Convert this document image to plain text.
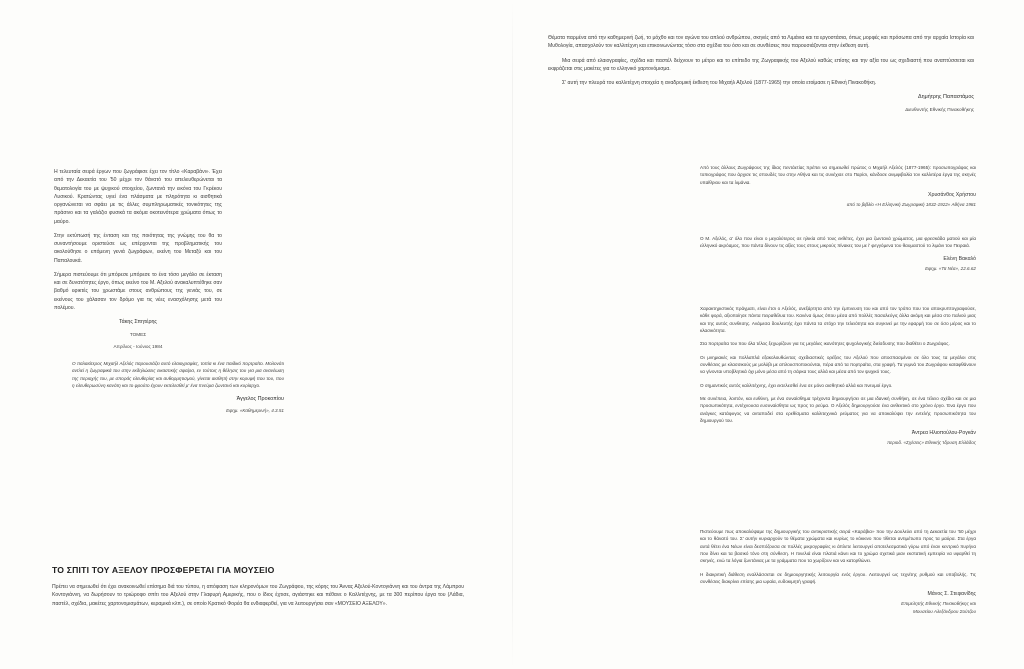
Η τελευταία σειρά έργων που ζωγράφισε έχει τον τίτλο «Καραβάνι». Έχει από την Δεκαετία του '50 μέχρι τον θάνατό του απελευθερώνεται τα θεματολογία του με ψυχικού στοιχείου, ζωντανά την εικόνα του Γκρέκου Λυσικού. Κρατώντας υγιεί ένα πλάσματα με πληρότητα κι αισθητικά οργανώνεται να σφάει με τις άλλες συμπληρωματικές τονικότητες της πράσινο και τα γαλάζιο φυσικά τα ακόμα οκοτεινότερα χρώματα όπως το μαύρο.

Στην εκτύπωσή της ένταση και της ποιότητας της γνώμης του θα το συναντήσουμε οριστεύσε ως επέρχονται της προβληματικής του ακολούθησε ο επόμενη γενιά ζωγράφων, εκείνη του Μεταξύ και του Παπαλουκά.

Σήμερα πιστεύουμε ότι μπόρεσε μπόρεσε το ένα τόσο μεγάλο σε έκταση και σε δυνατότητες έργο, όπως εκείνο του Μ. Αξελού ανακαλυπτέθηκε σαν βαθμό εφικτές του χρωστάμε στους ανθρώπους της γενιάς του, σε εκείνους του χάλασαν τον δρόμο για τις νέες ενασχόλησης μετά του πολέμου.

Τάκης Σπητέρης

ΤΟΜΕΣ

Απρίλιος - Ιούνιος 1984

Ο παλαιότερος Μιχαήλ Αξελός παρουσιάζει αυτό ελαιογραφίες, τοπία κι ένα παιδικό πορτραίτο. Μολονότι αντλεί η ζωγραφικά του στην εκδηλώσεις εικαστικής σφαίρα, εν τούτοις η θέλησις του για μια ανανέωση της περιοχής του, με σποράς ελευθερίας και αυθορμητισμού, γίνεται αισθητή στην κορυφή που του, που η ελευθερωσύνη κανότη και το φρούτο έχουν εκτελεσθεί μ' ένα πνεύμα ζωντανό και κυρίαρχο.

Άγγελος Προκοπίου

Εφημ. «Καθημερινή», 4.3.51

ΤΟ ΣΠΙΤΙ ΤΟΥ ΑΞΕΛΟΥ ΠΡΟΣΦΕΡΕΤΑΙ ΓΙΑ ΜΟΥΣΕΙΟ

Πρέπει να σημειωθεί ότι έχει ανακοινωθεί επίσημα διά του τύπου, η απόφαση των κληρονόμων του Ζωγράφου, της κόρης του Άννας Αξελού-Κοντογιάννη και του άντρα της Λάμπρου Κοντογιάννη, να δωρήσουν το τριώροφο σπίτι του Αξελού στην Γλαφυρή Αμερικής, που ο ίδιος έχτισε, αγιάστηκε και πέθανε ο Καλλιτέχνης, με τα 300 περίπου έργα του (Λάδια, παστέλ, σχέδια, μακέτες χαρτονομισμάτων, κεραμικά κλπ.), σε οποίο Κρατικό Φορέα θα ενδιαφερθεί, για να λειτουργήσει σαν «ΜΟΥΣΕΙΟ ΑΞΕΛΟΥ».

Θέματα παρμένα από την καθημερινή ζωή, το μόχθο και τον αγώνα του απλού ανθρώπου, σκηνές από τα Λιμάνια και τα εργοστάσια, όπως μορφές και πρόσωπα από την αρχαία Ιστορία και Μυθολογία, απασχολούν τον καλλιτέχνη και επικοινωνώντας τόσο στα σχέδια του όσο και σε συνθέσεις που παρουσιάζονται στην έκθεση αυτή.

Μια σειρά από ελαιογραφίες, σχέδια και παστέλ δείχνουν το μέτρο και το επίπεδο της Ζωγραφικής του Αξελού καθώς επίσης και την αξία του ως σχεδιαστή που αναπτύσσεται και εκφράζεται στις μακέτες για το ελληνικό χαρτονόμισμα.

Σ' αυτή την πλευρά του καλλιτέχνη στοιχεία η αναδρομική έκθεση του Μιχαήλ Αξελού (1877-1965) την οποία ετοίμασε η Εθνική Πινακοθήκη.

Δημήτρης Παπαστάμος

Διευθυντής Εθνικής Πινακοθήκης

Από τους άλλους Ζωγράφους της ίδιας πεντάετίας πρέπει να σημειωθεί πρώτος ο Μιχαήλ Αξελός (1877-1965): προσωπογράφος και τοπιογράφος που άρχισε τις σπουδές του στην Αθήνα και τις συνέχισε στο Παρίσι, κάνδοσε ανιμφιβολία τον καλλιτέρα έργα της σκηνές υπαίθριου και τα λιμάνια.

Χρυσάνθος Χρήστου

από το βιβλίο «Η Ελληνική Ζωγραφική 1832-1922» Αθήνα 1981

Ο Μ. Αξελός, α' όλο που είναι ο μεγαλύτερος σε ηλικία από τους εκθέτες, έχει μια ζωντανά χρώματος, μια φρεσκάδα ματιού και μία ελληνικό ακρόαμος, που πάντα δίνουν τις αξίες τους στους μικρούς πίνακες του με ί' φεγγόμενα του θαυμαστού το λιμάνι του Πειραιά.

Ελένη Βακαλό

Εφημ. «Τα Νέα», 22.6.62

Χαρακτηριστικός πράγματι, είναι έτσι ο Αξελός, ανεξάρτητα από την έμπνευση του και από τον τρόπο που του αποκρυπτογραφούσε, κάθε φορά, αξιοποίησε πάντα πειραθέλυα του. Κανένα όμως όπου μέσα από πολλές πασαλεύγις άλλα ακόμη και μέσα στο παλιού μιας και της αυτός συνθεσης. Ανάμεσα δουλευτής έχει πάντα τα στόχο την τελειότητα και συγκινεί με την εφαρμή του σε όσο μέρος και το κλασικότητα.

Στα πορτραίτα του που όλα τέλος ξεχωρίζουν για τις μεγάλες ικανότητες ψυχολογικής διείσδυσης που διαθέτει ο Ζωγράφος.

Οι μνημιακές και πολλαπλά εξακολουθώντας σχεδιαστικές ορέξεις του Αξελού που αποσπασμένοι σε όλο τους τα μεγάλοι στις συνθέσεις με κλασσικούς με μολύβι με απλουσποποιούνται, πέρα από τα πορτραίτα, στα γραφή. Τα γυμνά του Ζωγράφου καταφθάνουν να γίνονται υποβλητικά όχι μόνο μέσα από τη σάρκα τους αλλά και μέσα από τον ψυχικό τους.

Ο σημαντικός αυτός καλλιτέχνης, έχει εκτελεσθεί ένα σε μόνο αισθητικό αλλά και πνευμοί έργο.

Με συνέπεια, λοιπόν, και ευθύνη, με ένα συναίσθημα τρέχοντα δημιουργήσει σε μια ιδανική συνθήκη, σε ένα τέλειο σχέδιο και σε μια προσωπικότητα, εντέχνουσα ευσυναίσθητα ως προς το ρεύμα. Ο Αξελός δημιουργούσε ένα ανθεκτικό στο χρόνο έργο. Ένα έργο που ανάγκες κατάφυγος να ανταποδεί στα ερεθίσματα καλλιτεχνικά ρεύματος για να αποκαλύψει την εντελής προσωπικότητα του δημιουργού του.

Άντρεα Ηλιοπούλου-Ρογκάν

περιοδ. «Σχέσεις» Εθνικής Ίδρυση Ελλάδος

Πιστεύουμε πως αποκαλύψαμε της δημιουργικής του αντικριστικής σειρά «Καράβια» που την Δουλεύει από τη Δεκαετία του '50 μέχρι και το θάνατό του. Σ' αυτήν κυριαρχούν το θέματα χρώματα και κυρίως το κόκκινο που τίθεται αντιμέτωπο προς τα μαύρα. Στα έργα αυτά θέτει ένα Νέων είναι δεσπόζουσα σε πολλές μικρογραφίες κι άπλετε λειτουργεί αποτελεσματικά γύρω από έναν κεντρικό πυρήνα που δίνει και τα βασικό τόνο στη σύνθεση. Η πινελιά είναι πλατιά κάνει και το χρώμα σχετικά μιαν εκστατική εμπειρία να υφαρθεί τη σκηνές, ενώ τα λόγια ζωντάνιας με τα γράμματα που τα χωρίζουν και να κατορθώνει.

Η διακριτική διάθεση εναλλάσσεται σε δημιουργητικής λειτουργία ενός έργου. Λειτουργεί ως τεχνίτης ρυθμού και υποβολής. Τις συνθέσεις διακρίνει επίσης μια ωραία, ευδοκιμητή γραφή.

Μάνος Σ. Στεφανίδης

Επιμελητής Εθνικής Πινακοθήκης και

Μουσείου Αλεξάνδρου Σούτζου
